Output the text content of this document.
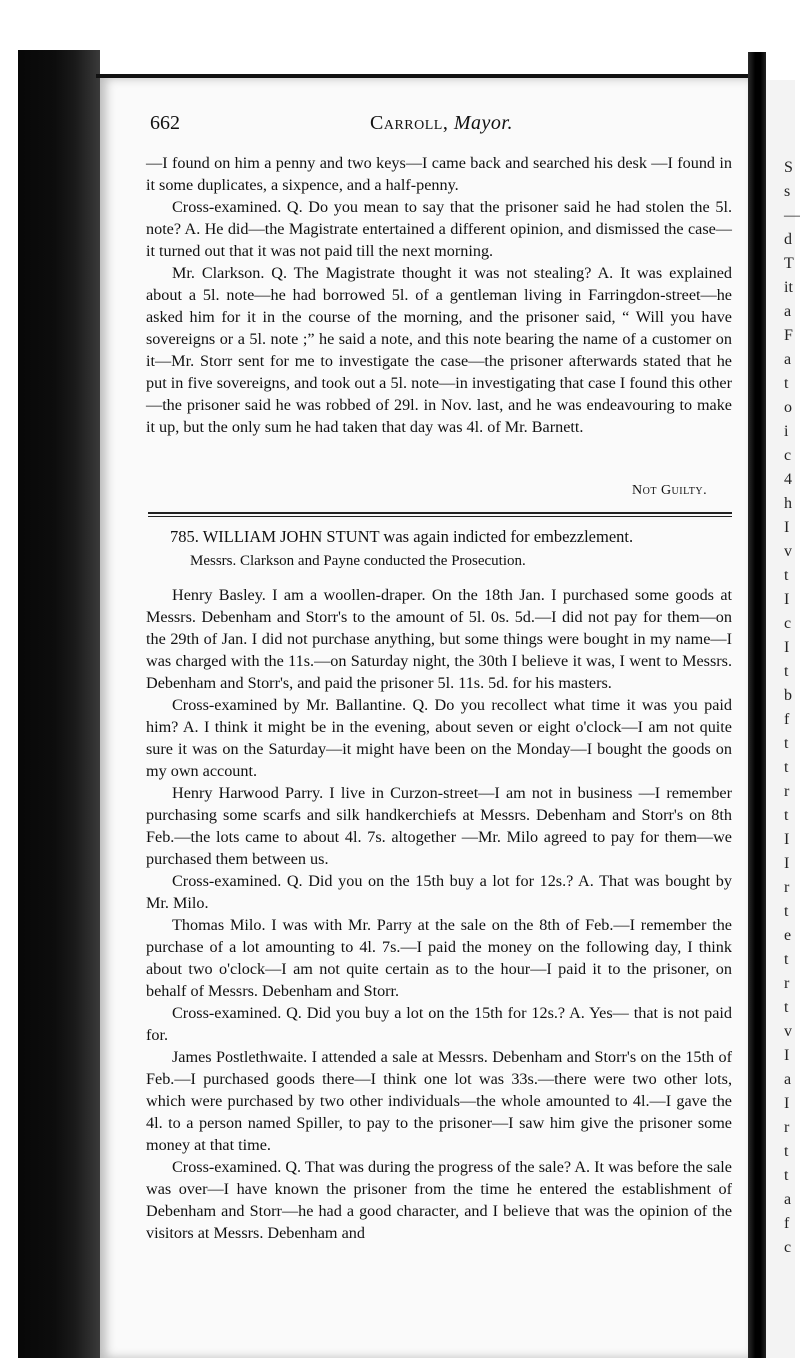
S
s
—
d
T
it
a
F
a
t
o
i
c
4
h
I
v
t
I
c
I
t
b
f
t
t
r
t
I
I
r
t
e
t
r
t
v
I
a
I
r
t
t
a
f
c
662	Carroll, Mayor.

—I found on him a penny and two keys—I came back and searched his desk —I found in it some duplicates, a sixpence, and a half-penny.

Cross-examined. Q. Do you mean to say that the prisoner said he had stolen the 5l. note? A. He did—the Magistrate entertained a different opinion, and dismissed the case—it turned out that it was not paid till the next morning.

Mr. Clarkson. Q. The Magistrate thought it was not stealing? A. It was explained about a 5l. note—he had borrowed 5l. of a gentleman living in Farringdon-street—he asked him for it in the course of the morning, and the prisoner said, “ Will you have sovereigns or a 5l. note ;” he said a note, and this note bearing the name of a customer on it—Mr. Storr sent for me to investigate the case—the prisoner afterwards stated that he put in five sovereigns, and took out a 5l. note—in investigating that case I found this other—the prisoner said he was robbed of 29l. in Nov. last, and he was endeavouring to make it up, but the only sum he had taken that day was 4l. of Mr. Barnett.

Not Guilty.
785. WILLIAM JOHN STUNT was again indicted for embezzlement.
Messrs. Clarkson and Payne conducted the Prosecution.

Henry Basley. I am a woollen-draper. On the 18th Jan. I purchased some goods at Messrs. Debenham and Storr's to the amount of 5l. 0s. 5d.—I did not pay for them—on the 29th of Jan. I did not purchase anything, but some things were bought in my name—I was charged with the 11s.—on Saturday night, the 30th I believe it was, I went to Messrs. Debenham and Storr's, and paid the prisoner 5l. 11s. 5d. for his masters.

Cross-examined by Mr. Ballantine. Q. Do you recollect what time it was you paid him? A. I think it might be in the evening, about seven or eight o'clock—I am not quite sure it was on the Saturday—it might have been on the Monday—I bought the goods on my own account.

Henry Harwood Parry. I live in Curzon-street—I am not in business —I remember purchasing some scarfs and silk handkerchiefs at Messrs. Debenham and Storr's on 8th Feb.—the lots came to about 4l. 7s. altogether —Mr. Milo agreed to pay for them—we purchased them between us.

Cross-examined. Q. Did you on the 15th buy a lot for 12s.? A. That was bought by Mr. Milo.

Thomas Milo. I was with Mr. Parry at the sale on the 8th of Feb.—I remember the purchase of a lot amounting to 4l. 7s.—I paid the money on the following day, I think about two o'clock—I am not quite certain as to the hour—I paid it to the prisoner, on behalf of Messrs. Debenham and Storr.

Cross-examined. Q. Did you buy a lot on the 15th for 12s.? A. Yes— that is not paid for.

James Postlethwaite. I attended a sale at Messrs. Debenham and Storr's on the 15th of Feb.—I purchased goods there—I think one lot was 33s.—there were two other lots, which were purchased by two other individuals—the whole amounted to 4l.—I gave the 4l. to a person named Spiller, to pay to the prisoner—I saw him give the prisoner some money at that time.

Cross-examined. Q. That was during the progress of the sale? A. It was before the sale was over—I have known the prisoner from the time he entered the establishment of Debenham and Storr—he had a good character, and I believe that was the opinion of the visitors at Messrs. Debenham and
